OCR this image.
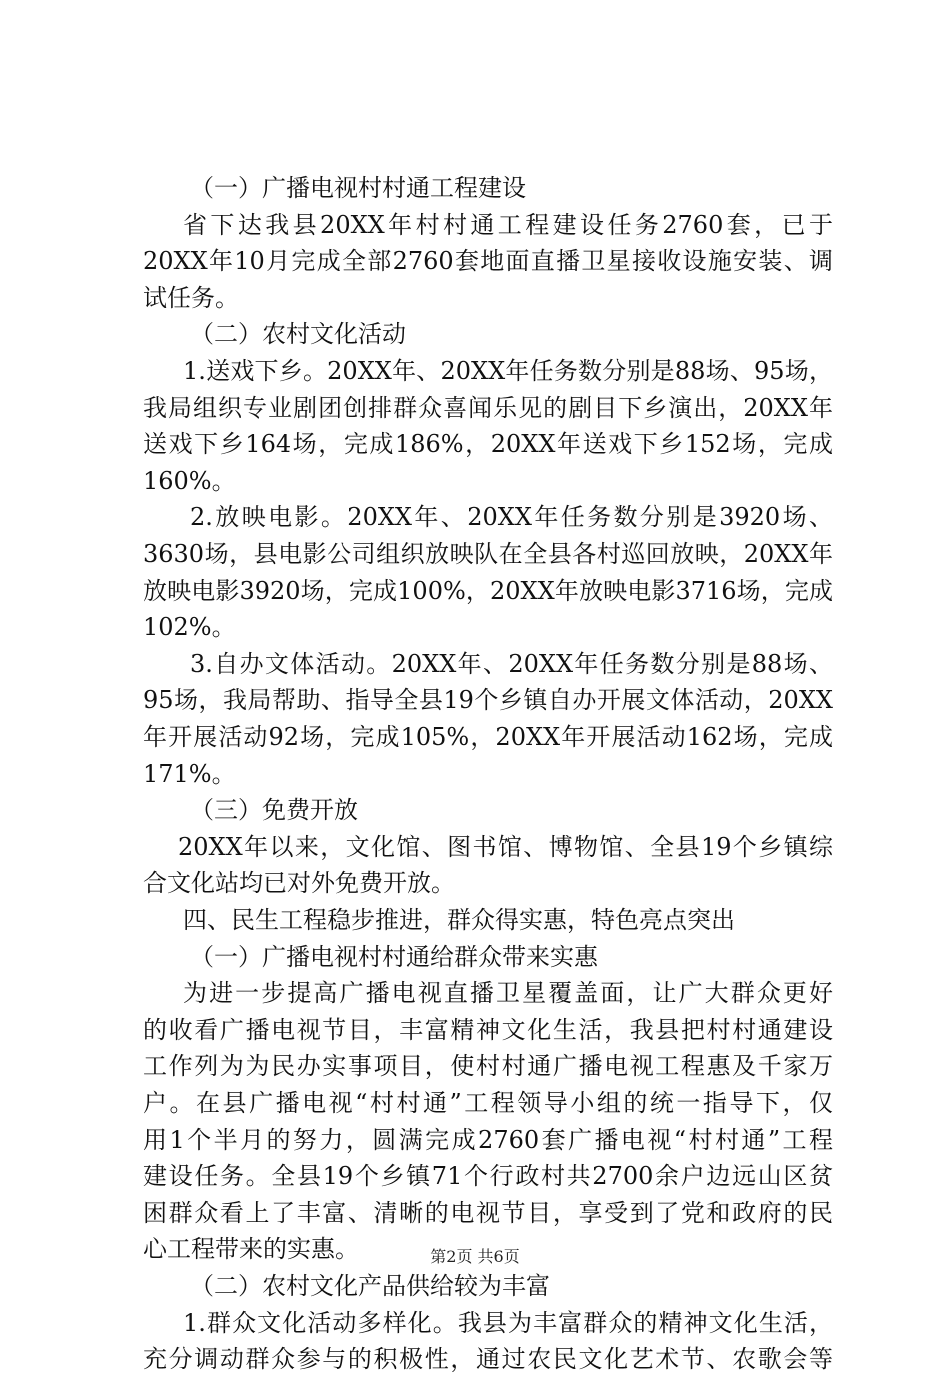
（一）广播电视村村通工程建设
省下达我县20XX年村村通工程建设任务2760套，已于
20XX年10月完成全部2760套地面直播卫星接收设施安装、调
试任务。
（二）农村文化活动
1.送戏下乡。20XX年、20XX年任务数分别是88场、95场，
我局组织专业剧团创排群众喜闻乐见的剧目下乡演出，20XX年
送戏下乡164场，完成186%，20XX年送戏下乡152场，完成
160%。
2.放映电影。20XX年、20XX年任务数分别是3920场、
3630场，县电影公司组织放映队在全县各村巡回放映，20XX年
放映电影3920场，完成100%，20XX年放映电影3716场，完成
102%。
3.自办文体活动。20XX年、20XX年任务数分别是88场、
95场，我局帮助、指导全县19个乡镇自办开展文体活动，20XX
年开展活动92场，完成105%，20XX年开展活动162场，完成
171%。
（三）免费开放
20XX年以来，文化馆、图书馆、博物馆、全县19个乡镇综
合文化站均已对外免费开放。
四、民生工程稳步推进，群众得实惠，特色亮点突出
（一）广播电视村村通给群众带来实惠
为进一步提高广播电视直播卫星覆盖面，让广大群众更好
的收看广播电视节目，丰富精神文化生活，我县把村村通建设
工作列为为民办实事项目，使村村通广播电视工程惠及千家万
户。在县广播电视“村村通”工程领导小组的统一指导下，仅
用1个半月的努力，圆满完成2760套广播电视“村村通”工程
建设任务。全县19个乡镇71个行政村共2700余户边远山区贫
困群众看上了丰富、清晰的电视节目，享受到了党和政府的民
心工程带来的实惠。
（二）农村文化产品供给较为丰富
1.群众文化活动多样化。我县为丰富群众的精神文化生活，
充分调动群众参与的积极性，通过农民文化艺术节、农歌会等
第2页 共6页
